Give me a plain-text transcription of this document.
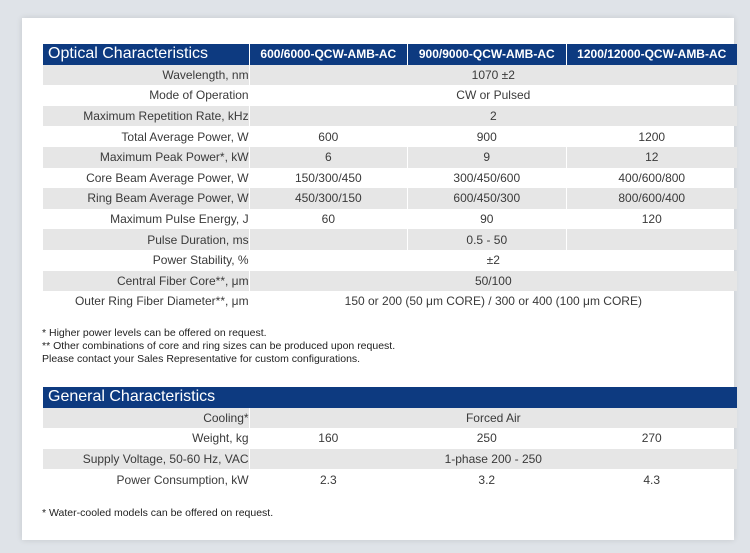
Optical Characteristics	600/6000-QCW-AMB-AC	900/9000-QCW-AMB-AC	1200/12000-QCW-AMB-AC
Wavelength, nm	1070 ±2		
Mode of Operation	CW or Pulsed		
Maximum Repetition Rate, kHz	2		
Total Average Power, W	600	900	1200
Maximum Peak Power*, kW	6	9	12
Core Beam Average Power, W	150/300/450	300/450/600	400/600/800
Ring Beam Average Power, W	450/300/150	600/450/300	800/600/400
Maximum Pulse Energy, J	60	90	120
Pulse Duration, ms		0.5 - 50	
Power Stability, %	±2		
Central Fiber Core**, μm	50/100		
Outer Ring Fiber Diameter**, μm	150 or 200 (50 μm CORE) / 300 or 400 (100 μm CORE)		
* Higher power levels can be offered on request.
** Other combinations of core and ring sizes can be produced upon request.
Please contact your Sales Representative for custom configurations.
General Characteristics			
Cooling*	Forced Air		
Weight, kg	160	250	270
Supply Voltage, 50-60 Hz, VAC	1-phase 200 - 250		
Power Consumption, kW	2.3	3.2	4.3
* Water-cooled models can be offered on request.
